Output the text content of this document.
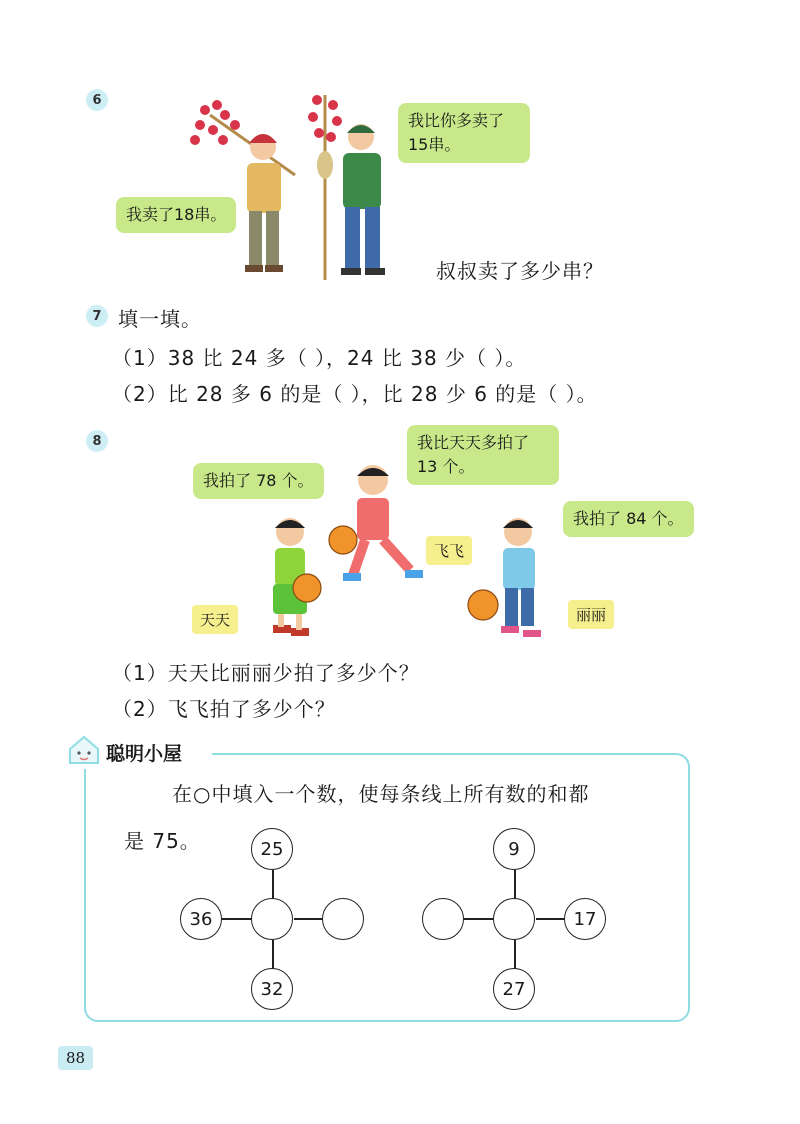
6
我比你多卖了
15串。
我卖了18串。
叔叔卖了多少串？
7 填一填。
（1）38 比 24 多（ ），24 比 38 少（ ）。
（2）比 28 多 6 的是（ ），比 28 少 6 的是（ ）。
8	我比天天多拍了
13 个。
我拍了 78 个。
我拍了 84 个。
飞飞
天天	丽丽
（1）天天比丽丽少拍了多少个？
（2）飞飞拍了多少个？
聪明小屋
在○中填入一个数，使每条线上所有数的和都
是 75。	25
36
32
9
17
27
88
